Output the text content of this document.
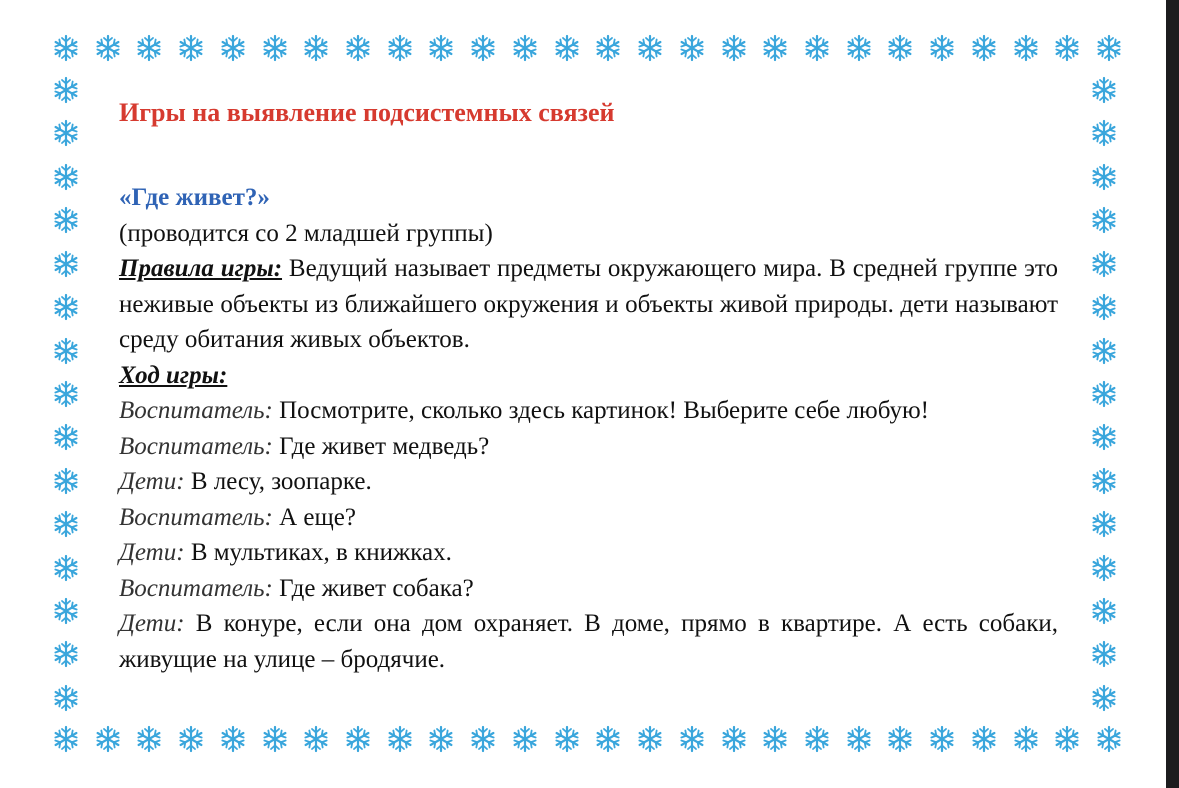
Игры на выявление подсистемных связей

«Где живет?»

(проводится со 2 младшей группы)

Правила игры: Ведущий называет предметы окружающего мира. В средней группе это неживые объекты из ближайшего окружения и объекты живой природы. дети называют среду обитания живых объектов.

Ход игры:

Воспитатель: Посмотрите, сколько здесь картинок! Выберите себе любую!

Воспитатель: Где живет медведь?

Дети: В лесу, зоопарке.

Воспитатель: А еще?

Дети: В мультиках, в книжках.

Воспитатель: Где живет собака?

Дети: В конуре, если она дом охраняет. В доме, прямо в квартире. А есть собаки, живущие на улице – бродячие.
